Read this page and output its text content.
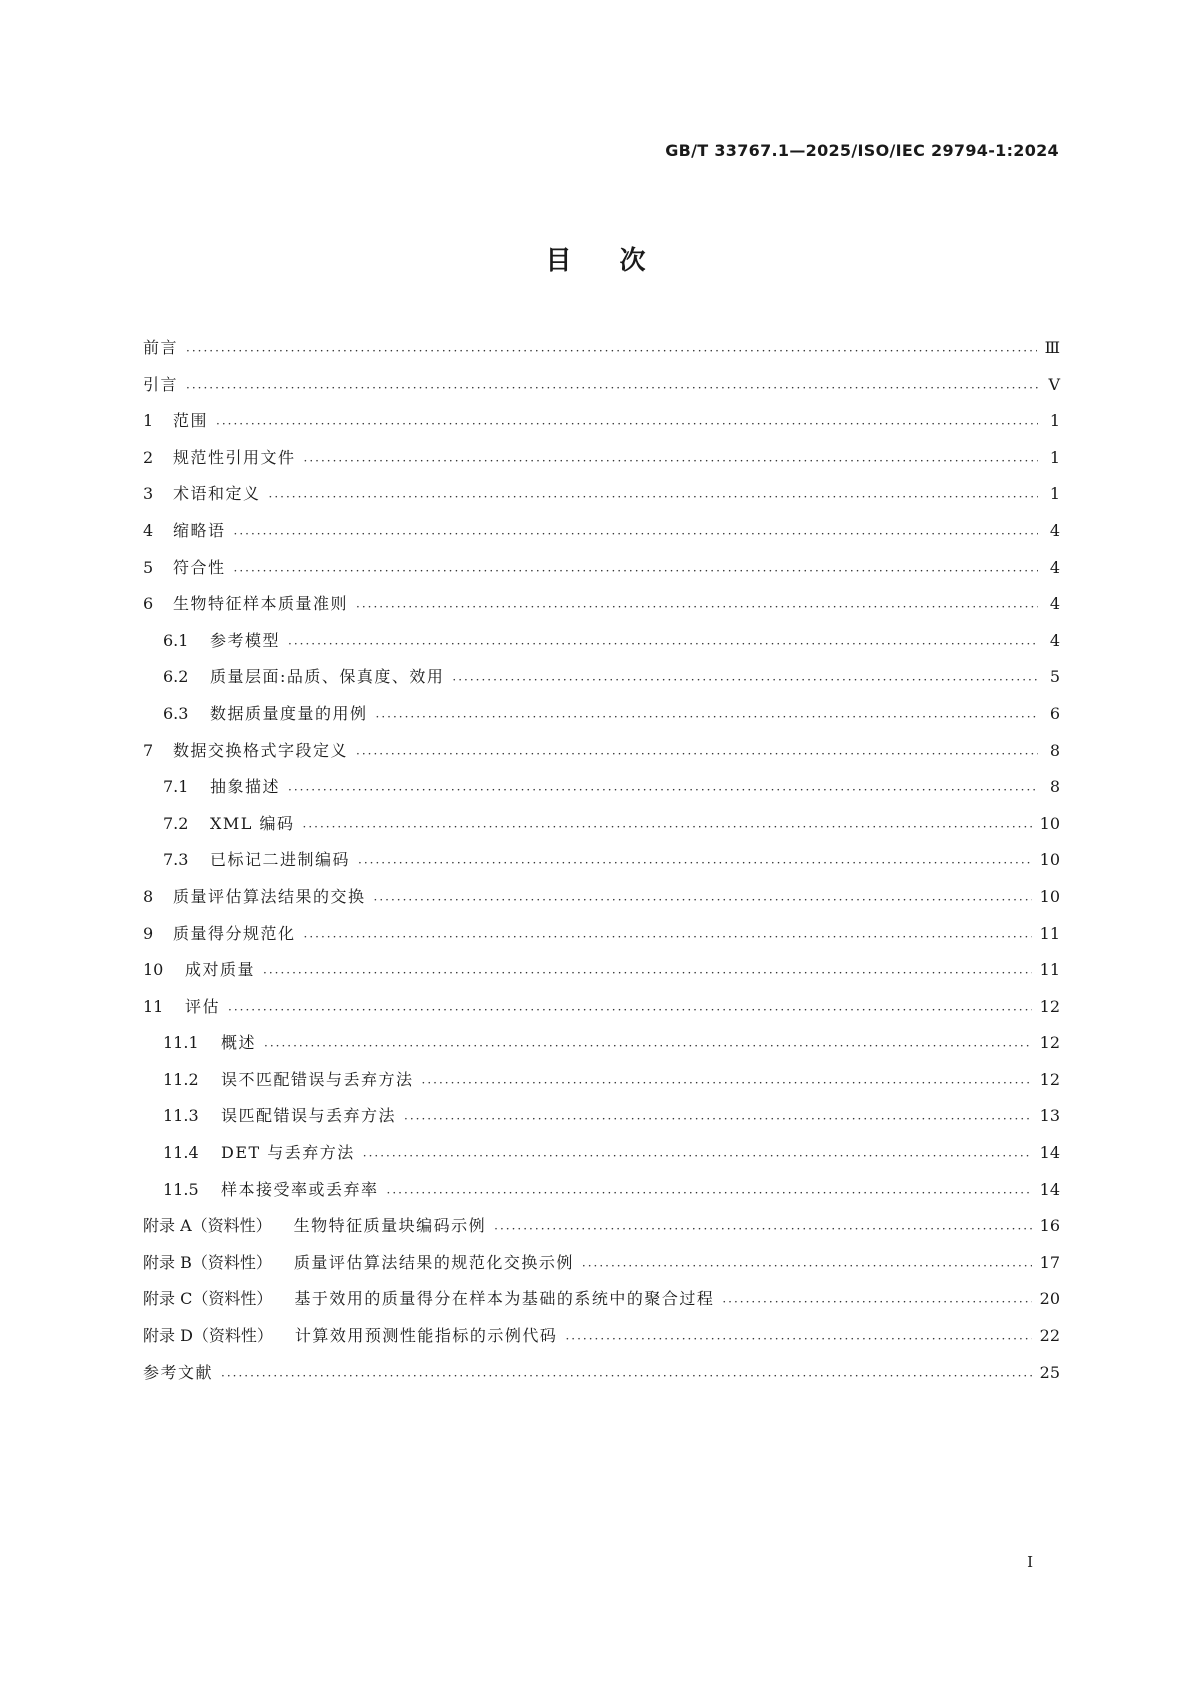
GB/T 33767.1—2025/ISO/IEC 29794-1:2024
目次
前言 ·····	Ⅲ
引言 ·····	Ⅴ
1	范围 ·····	1
2	规范性引用文件 ·····	1
3	术语和定义 ·····	1
4	缩略语 ·····	4
5	符合性 ·····	4
6	生物特征样本质量准则 ·····	4
6.1	参考模型 ·····	4
6.2	质量层面:品质、保真度、效用 ·····	5
6.3	数据质量度量的用例 ·····	6
7	数据交换格式字段定义 ·····	8
7.1	抽象描述 ·····	8
7.2	XML 编码 ·····	10
7.3	已标记二进制编码 ·····	10
8	质量评估算法结果的交换 ·····	10
9	质量得分规范化 ·····	11
10	成对质量 ·····	11
11	评估 ·····	12
11.1	概述 ·····	12
11.2	误不匹配错误与丢弃方法 ·····	12
11.3	误匹配错误与丢弃方法 ·····	13
11.4	DET 与丢弃方法 ·····	14
11.5	样本接受率或丢弃率 ·····	14
附录 A（资料性） 生物特征质量块编码示例 ·····	16
附录 B（资料性） 质量评估算法结果的规范化交换示例 ·····	17
附录 C（资料性） 基于效用的质量得分在样本为基础的系统中的聚合过程 ·····	20
附录 D（资料性） 计算效用预测性能指标的示例代码 ·····	22
参考文献 ·····	25
Ⅰ
